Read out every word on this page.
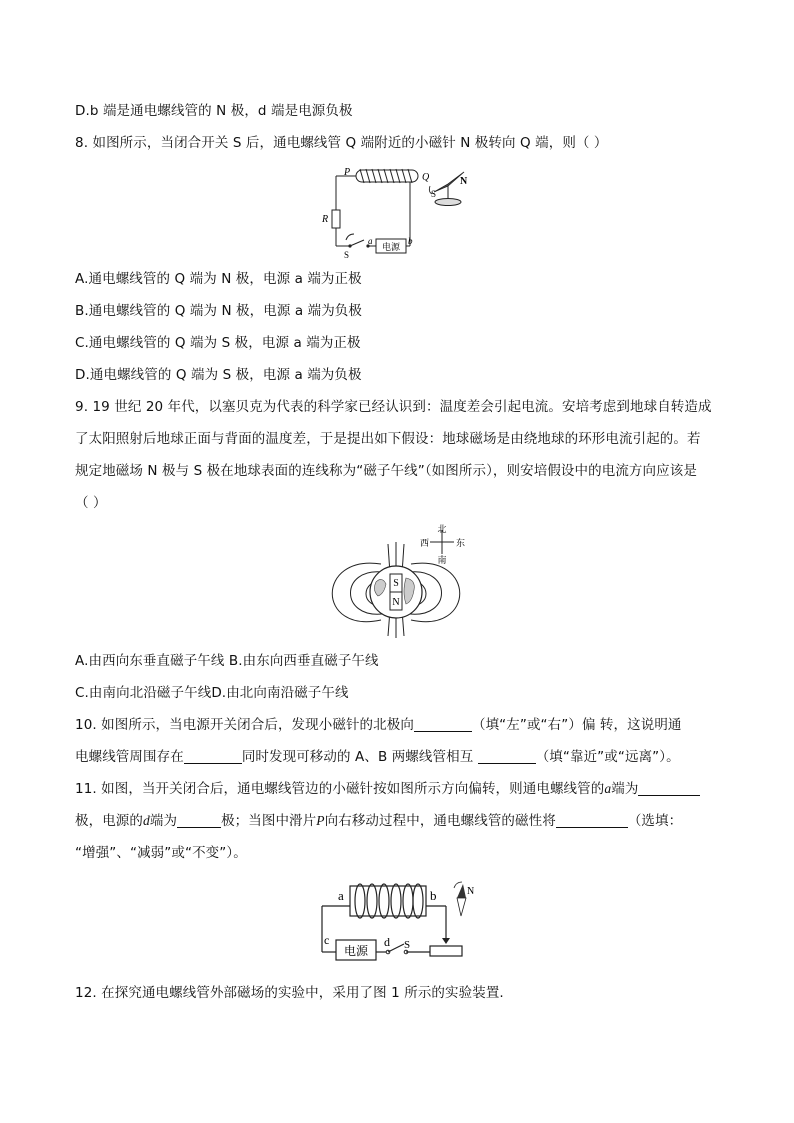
D.b 端是通电螺线管的 N 极，d 端是电源负极
8. 如图所示，当闭合开关 S 后，通电螺线管 Q 端附近的小磁针 N 极转向 Q 端，则（ ）
电源
P	Q
R
S
a	b
N
S
A.通电螺线管的 Q 端为 N 极，电源 a 端为正极
B.通电螺线管的 Q 端为 N 极，电源 a 端为负极
C.通电螺线管的 Q 端为 S 极，电源 a 端为正极
D.通电螺线管的 Q 端为 S 极，电源 a 端为负极
9. 19 世纪 20 年代，以塞贝克为代表的科学家已经认识到：温度差会引起电流。安培考虑到地球自转造成
了太阳照射后地球正面与背面的温度差，于是提出如下假设：地球磁场是由绕地球的环形电流引起的。若
规定地磁场 N 极与 S 极在地球表面的连线称为“磁子午线”（如图所示），则安培假设中的电流方向应该是
（ ）
北
南
东
西
S
N
A.由西向东垂直磁子午线 B.由东向西垂直磁子午线
C.由南向北沿磁子午线D.由北向南沿磁子午线
10. 如图所示，当电源开关闭合后，发现小磁针的北极向	（填“左”或“右”）偏 转，这说明通
电螺线管周围存在	同时发现可移动的 A、B 两螺线管相互	（填“靠近”或“远离”）。
11. 如图，当开关闭合后，通电螺线管边的小磁针按如图所示方向偏转，则通电螺线管的a端为
极，电源的d端为	极；当图中滑片P向右移动过程中，通电螺线管的磁性将	（选填：
“增强”、“减弱”或“不变”）。
a	b
c
电源
d S
N
12. 在探究通电螺线管外部磁场的实验中，采用了图 1 所示的实验装置.
